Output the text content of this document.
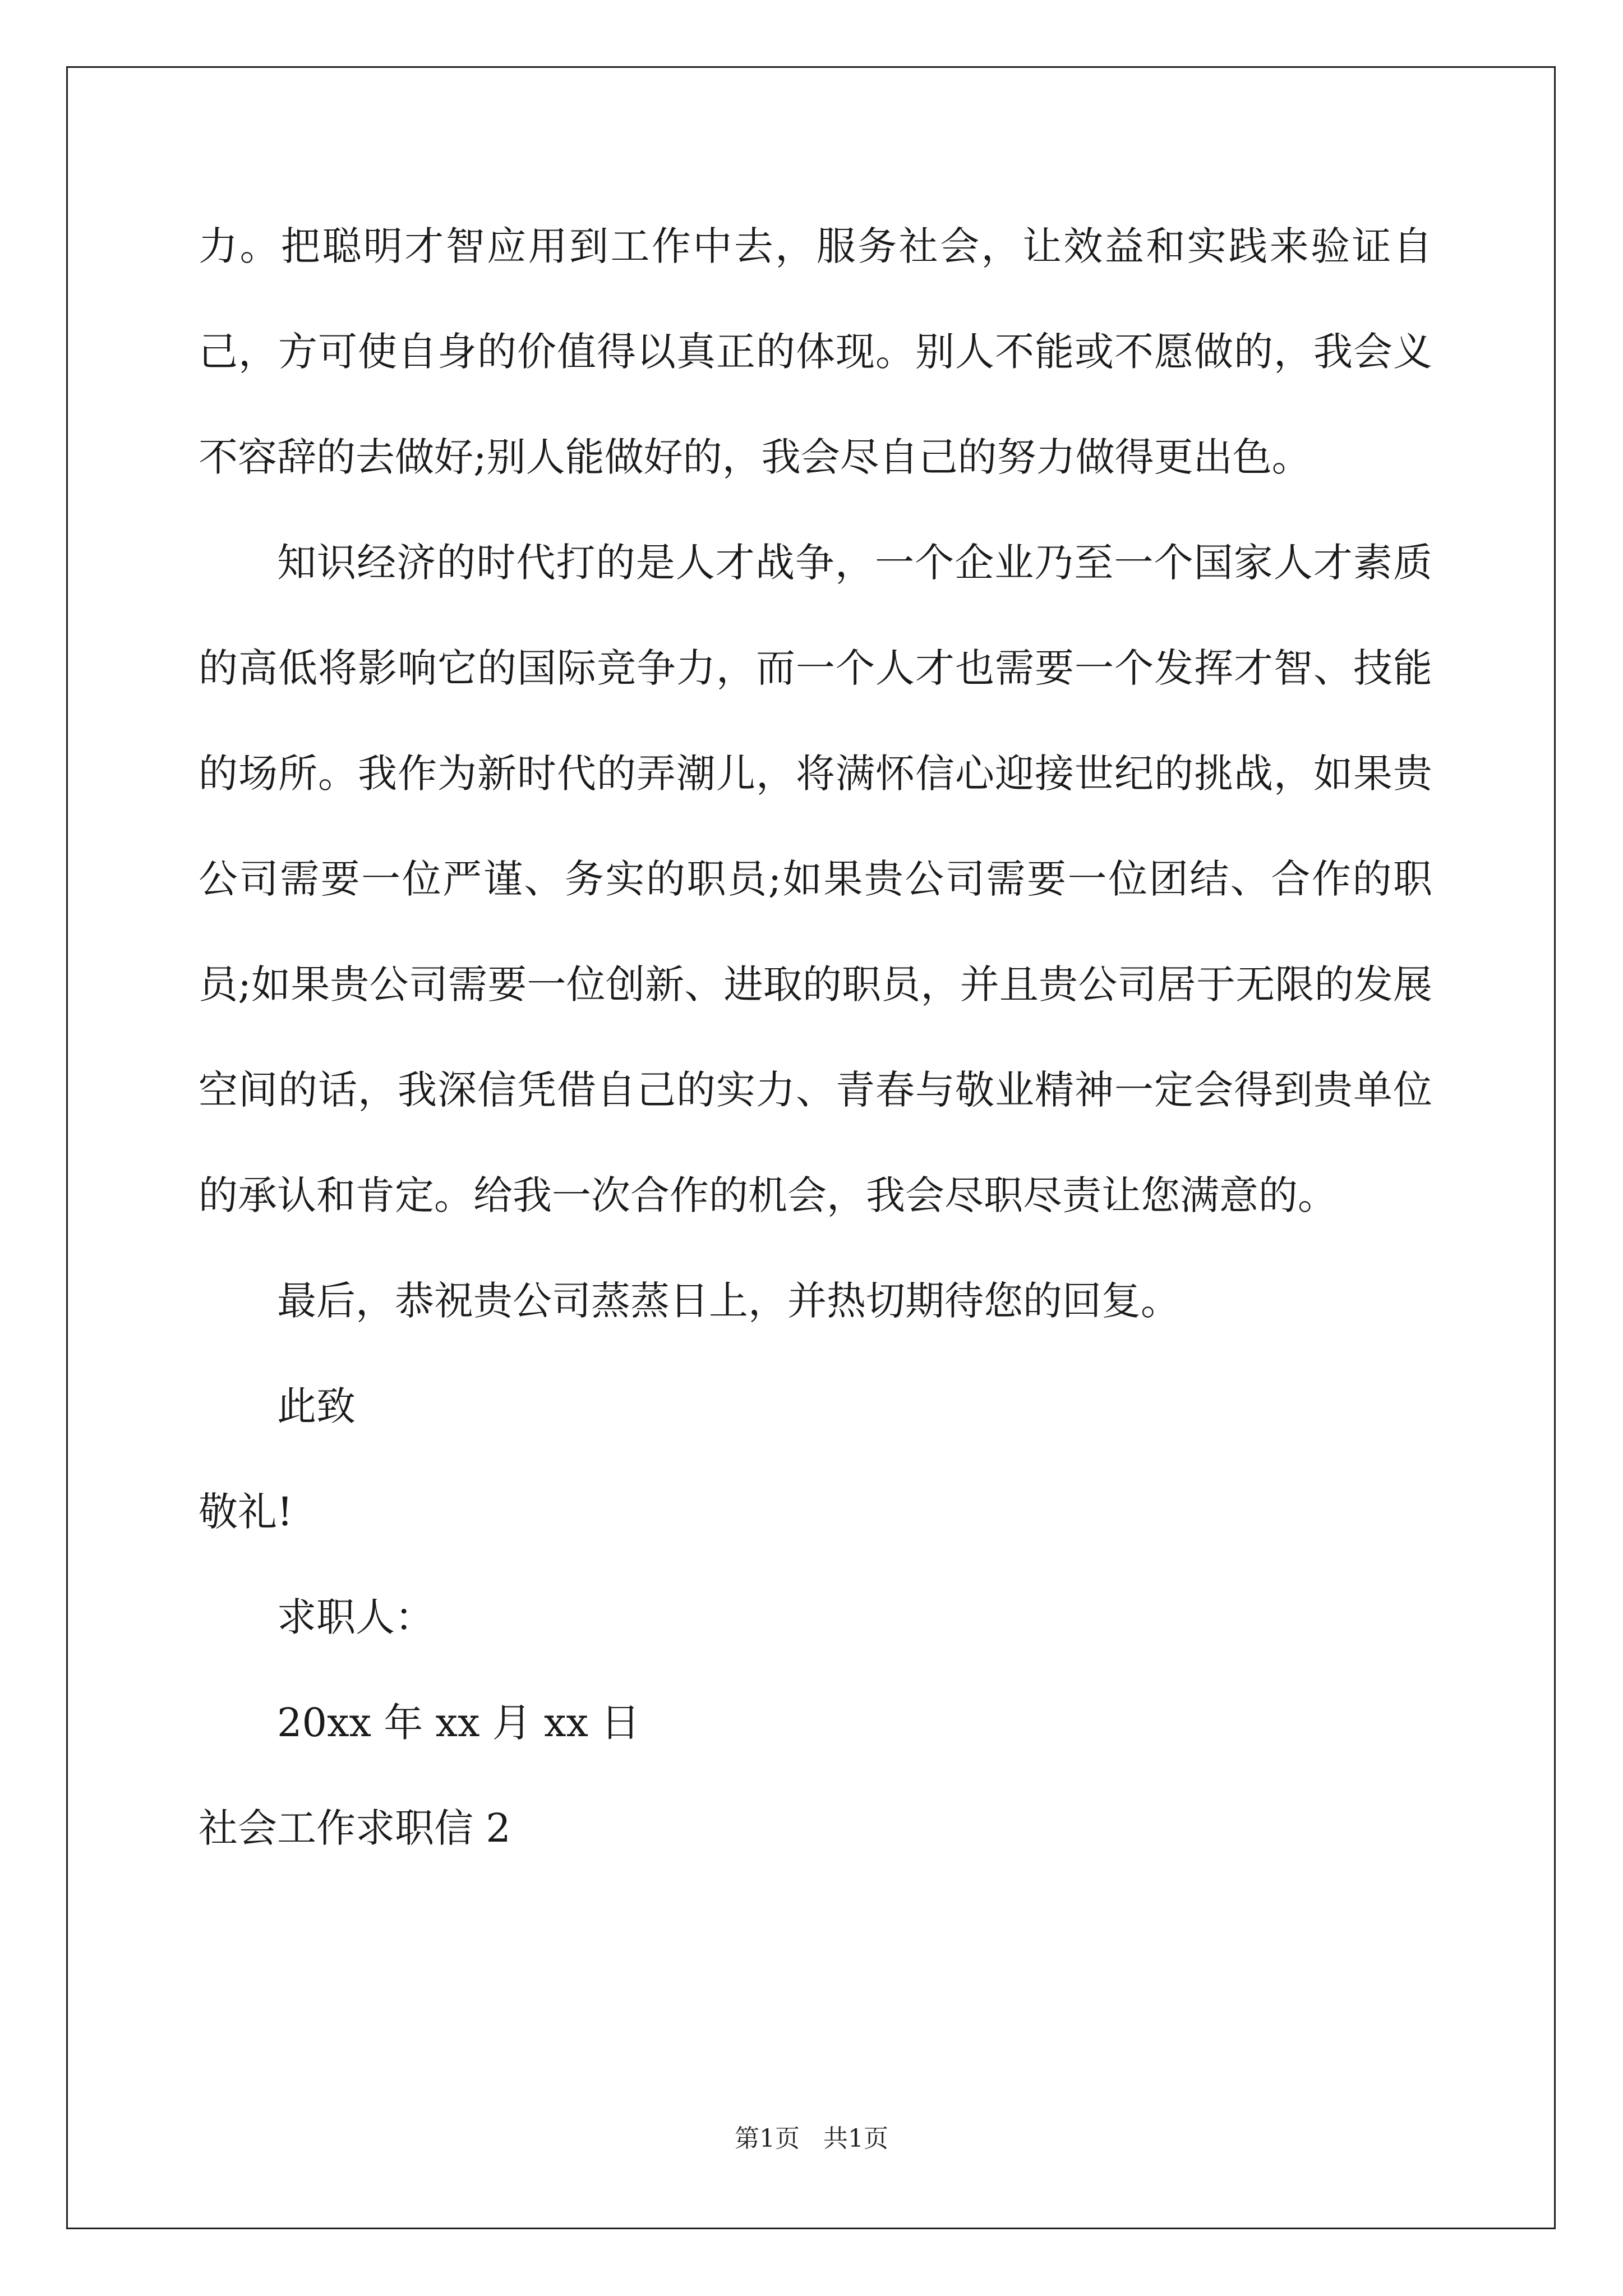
力。把聪明才智应用到工作中去，服务社会，让效益和实践来验证自己，方可使自身的价值得以真正的体现。别人不能或不愿做的，我会义不容辞的去做好;别人能做好的，我会尽自己的努力做得更出色。

知识经济的时代打的是人才战争，一个企业乃至一个国家人才素质的高低将影响它的国际竞争力，而一个人才也需要一个发挥才智、技能的场所。我作为新时代的弄潮儿，将满怀信心迎接世纪的挑战，如果贵公司需要一位严谨、务实的职员;如果贵公司需要一位团结、合作的职员;如果贵公司需要一位创新、进取的职员，并且贵公司居于无限的发展空间的话，我深信凭借自己的实力、青春与敬业精神一定会得到贵单位的承认和肯定。给我一次合作的机会，我会尽职尽责让您满意的。

最后，恭祝贵公司蒸蒸日上，并热切期待您的回复。

此致

敬礼!

求职人：

20xx 年 xx 月 xx 日

社会工作求职信 2

第1页 共1页
